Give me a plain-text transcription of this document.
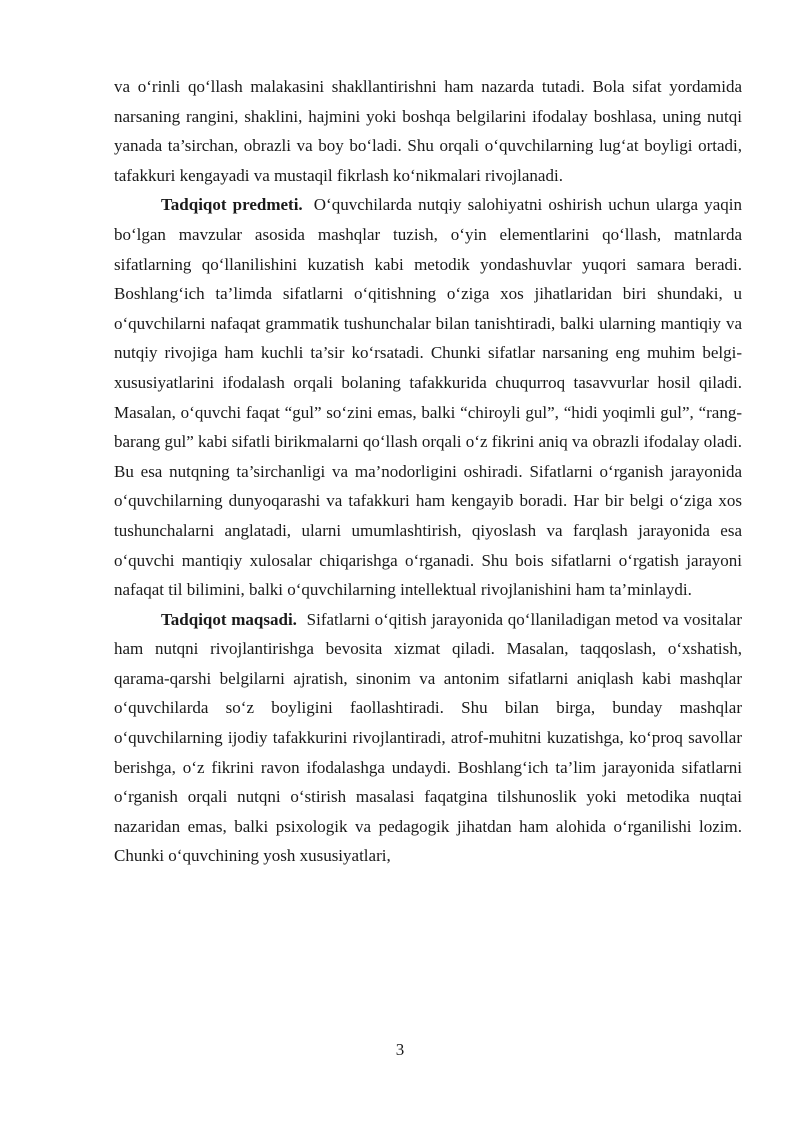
va o‘rinli qo‘llash malakasini shakllantirishni ham nazarda tutadi. Bola sifat yordamida narsaning rangini, shaklini, hajmini yoki boshqa belgilarini ifodalay boshlasa, uning nutqi yanada ta’sirchan, obrazli va boy bo‘ladi. Shu orqali o‘quvchilarning lug‘at boyligi ortadi, tafakkuri kengayadi va mustaqil fikrlash ko‘nikmalari rivojlanadi.

Tadqiqot predmeti. O‘quvchilarda nutqiy salohiyatni oshirish uchun ularga yaqin bo‘lgan mavzular asosida mashqlar tuzish, o‘yin elementlarini qo‘llash, matnlarda sifatlarning qo‘llanilishini kuzatish kabi metodik yondashuvlar yuqori samara beradi. Boshlang‘ich ta’limda sifatlarni o‘qitishning o‘ziga xos jihatlaridan biri shundaki, u o‘quvchilarni nafaqat grammatik tushunchalar bilan tanishtiradi, balki ularning mantiqiy va nutqiy rivojiga ham kuchli ta’sir ko‘rsatadi. Chunki sifatlar narsaning eng muhim belgi-xususiyatlarini ifodalash orqali bolaning tafakkurida chuqurroq tasavvurlar hosil qiladi. Masalan, o‘quvchi faqat “gul” so‘zini emas, balki “chiroyli gul”, “hidi yoqimli gul”, “rang-barang gul” kabi sifatli birikmalarni qo‘llash orqali o‘z fikrini aniq va obrazli ifodalay oladi. Bu esa nutqning ta’sirchanligi va ma’nodorligini oshiradi. Sifatlarni o‘rganish jarayonida o‘quvchilarning dunyoqarashi va tafakkuri ham kengayib boradi. Har bir belgi o‘ziga xos tushunchalarni anglatadi, ularni umumlashtirish, qiyoslash va farqlash jarayonida esa o‘quvchi mantiqiy xulosalar chiqarishga o‘rganadi. Shu bois sifatlarni o‘rgatish jarayoni nafaqat til bilimini, balki o‘quvchilarning intellektual rivojlanishini ham ta’minlaydi.

Tadqiqot maqsadi. Sifatlarni o‘qitish jarayonida qo‘llaniladigan metod va vositalar ham nutqni rivojlantirishga bevosita xizmat qiladi. Masalan, taqqoslash, o‘xshatish, qarama-qarshi belgilarni ajratish, sinonim va antonim sifatlarni aniqlash kabi mashqlar o‘quvchilarda so‘z boyligini faollashtiradi. Shu bilan birga, bunday mashqlar o‘quvchilarning ijodiy tafakkurini rivojlantiradi, atrof-muhitni kuzatishga, ko‘proq savollar berishga, o‘z fikrini ravon ifodalashga undaydi. Boshlang‘ich ta’lim jarayonida sifatlarni o‘rganish orqali nutqni o‘stirish masalasi faqatgina tilshunoslik yoki metodika nuqtai nazaridan emas, balki psixologik va pedagogik jihatdan ham alohida o‘rganilishi lozim. Chunki o‘quvchining yosh xususiyatlari,

3
